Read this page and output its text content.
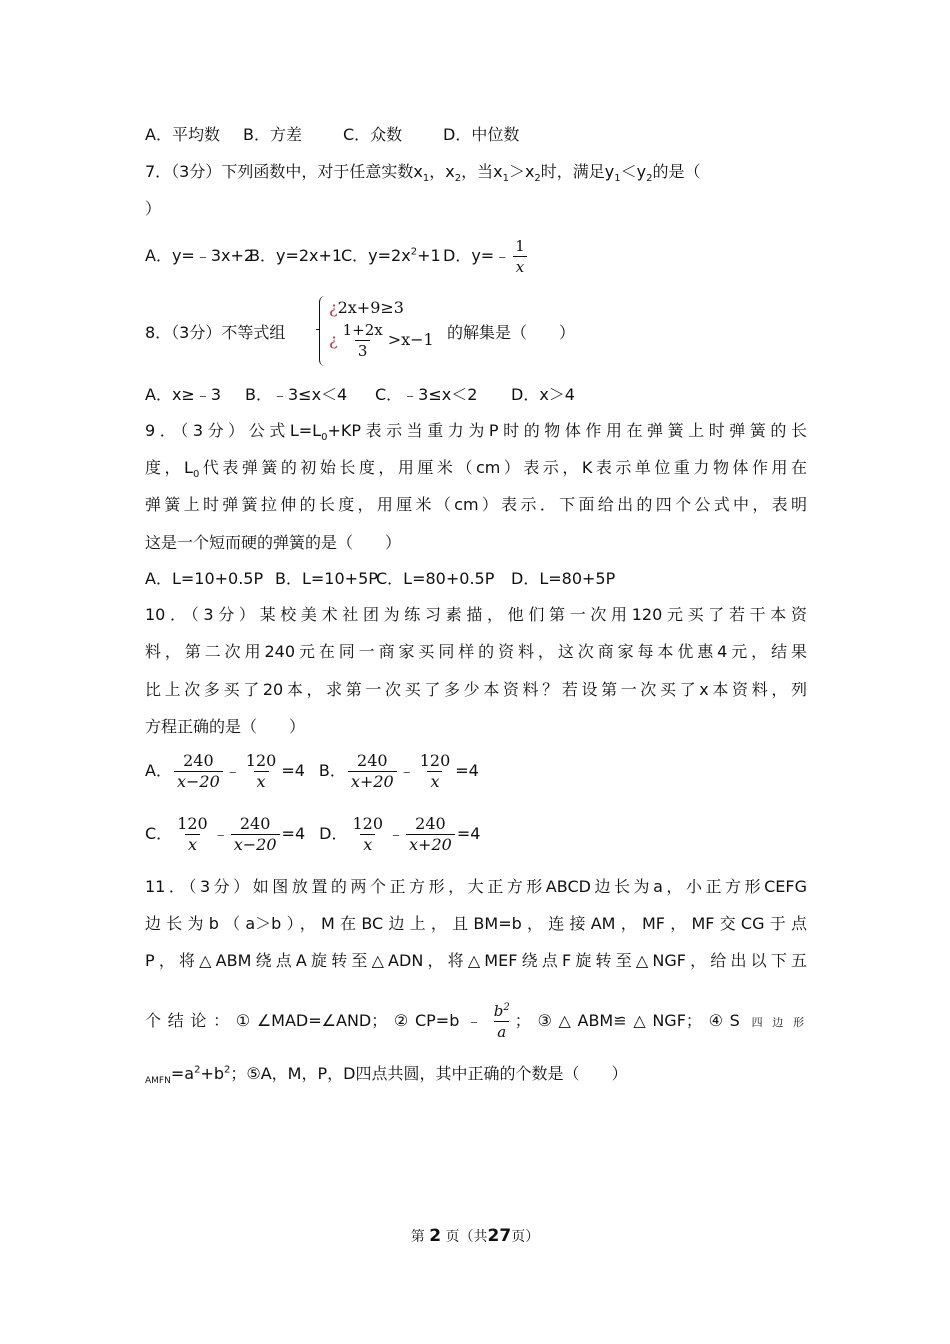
A．平均数 B．方差	C．众数	D．中位数
7．（3分）下列函数中，对于任意实数$x_1$，$x_2$，当$x_1>x_2$时，满足$y_1<y_2$的是（
）
A．y=﹣3x+2B．y=2x+1C．$y=2x^2+1$ D．y=﹣ $\frac{1}{x}$
8．（3分）不等式组
¿2x+9≥3
¿ $\frac{1+2x}{3} >x-1$ 的解集是（　　）
A．x≥﹣3 B．﹣3≤x＜4 C．﹣3≤x＜2 D．x＞4
9．（3分）公式$L=L_0+KP$表示当重力为P时的物体作用在弹簧上时弹簧的长
度，$L_0$代表弹簧的初始长度，用厘米（cm）表示，K表示单位重力物体作用在
弹簧上时弹簧拉伸的长度，用厘米（cm）表示．下面给出的四个公式中，表明
这是一个短而硬的弹簧的是（　　）
A．L=10+0.5P B．L=10+5PC．L=80+0.5P D．L=80+5P
10．（3分）某校美术社团为练习素描，他们第一次用120元买了若干本资
料，第二次用240元在同一商家买同样的资料，这次商家每本优惠4元，结果
比上次多买了20本，求第一次买了多少本资料？若设第一次买了x本资料，列
方程正确的是（　　）
A． $\frac{240}{x-20}$ ﹣ $\frac{120}{x} =4$ B． $\frac{240}{x+20}$ ﹣ $\frac{120}{x} =4$
C． $\frac{120}{x}$ ﹣ $\frac{240}{x-20} =4$ D． $\frac{120}{x}$ ﹣ $\frac{240}{x+20} =4$
11．（3分）如图放置的两个正方形，大正方形ABCD边长为a，小正方形CEFG
边长为b（a＞b），M在BC边上，且BM=b，连接AM，MF，MF交CG于点
P，将△ABM绕点A旋转至△ADN，将△MEF绕点F旋转至△NGF，给出以下五
个结论：①∠MAD=∠AND；②CP=b﹣ $\frac{b^2}{a}$ ；③△ABM≌△NGF；④S 四边形
$_{AMFN}=a^2+b^2$；⑤A，M，P，D四点共圆，其中正确的个数是（　　）
第 2 页（共27页）
